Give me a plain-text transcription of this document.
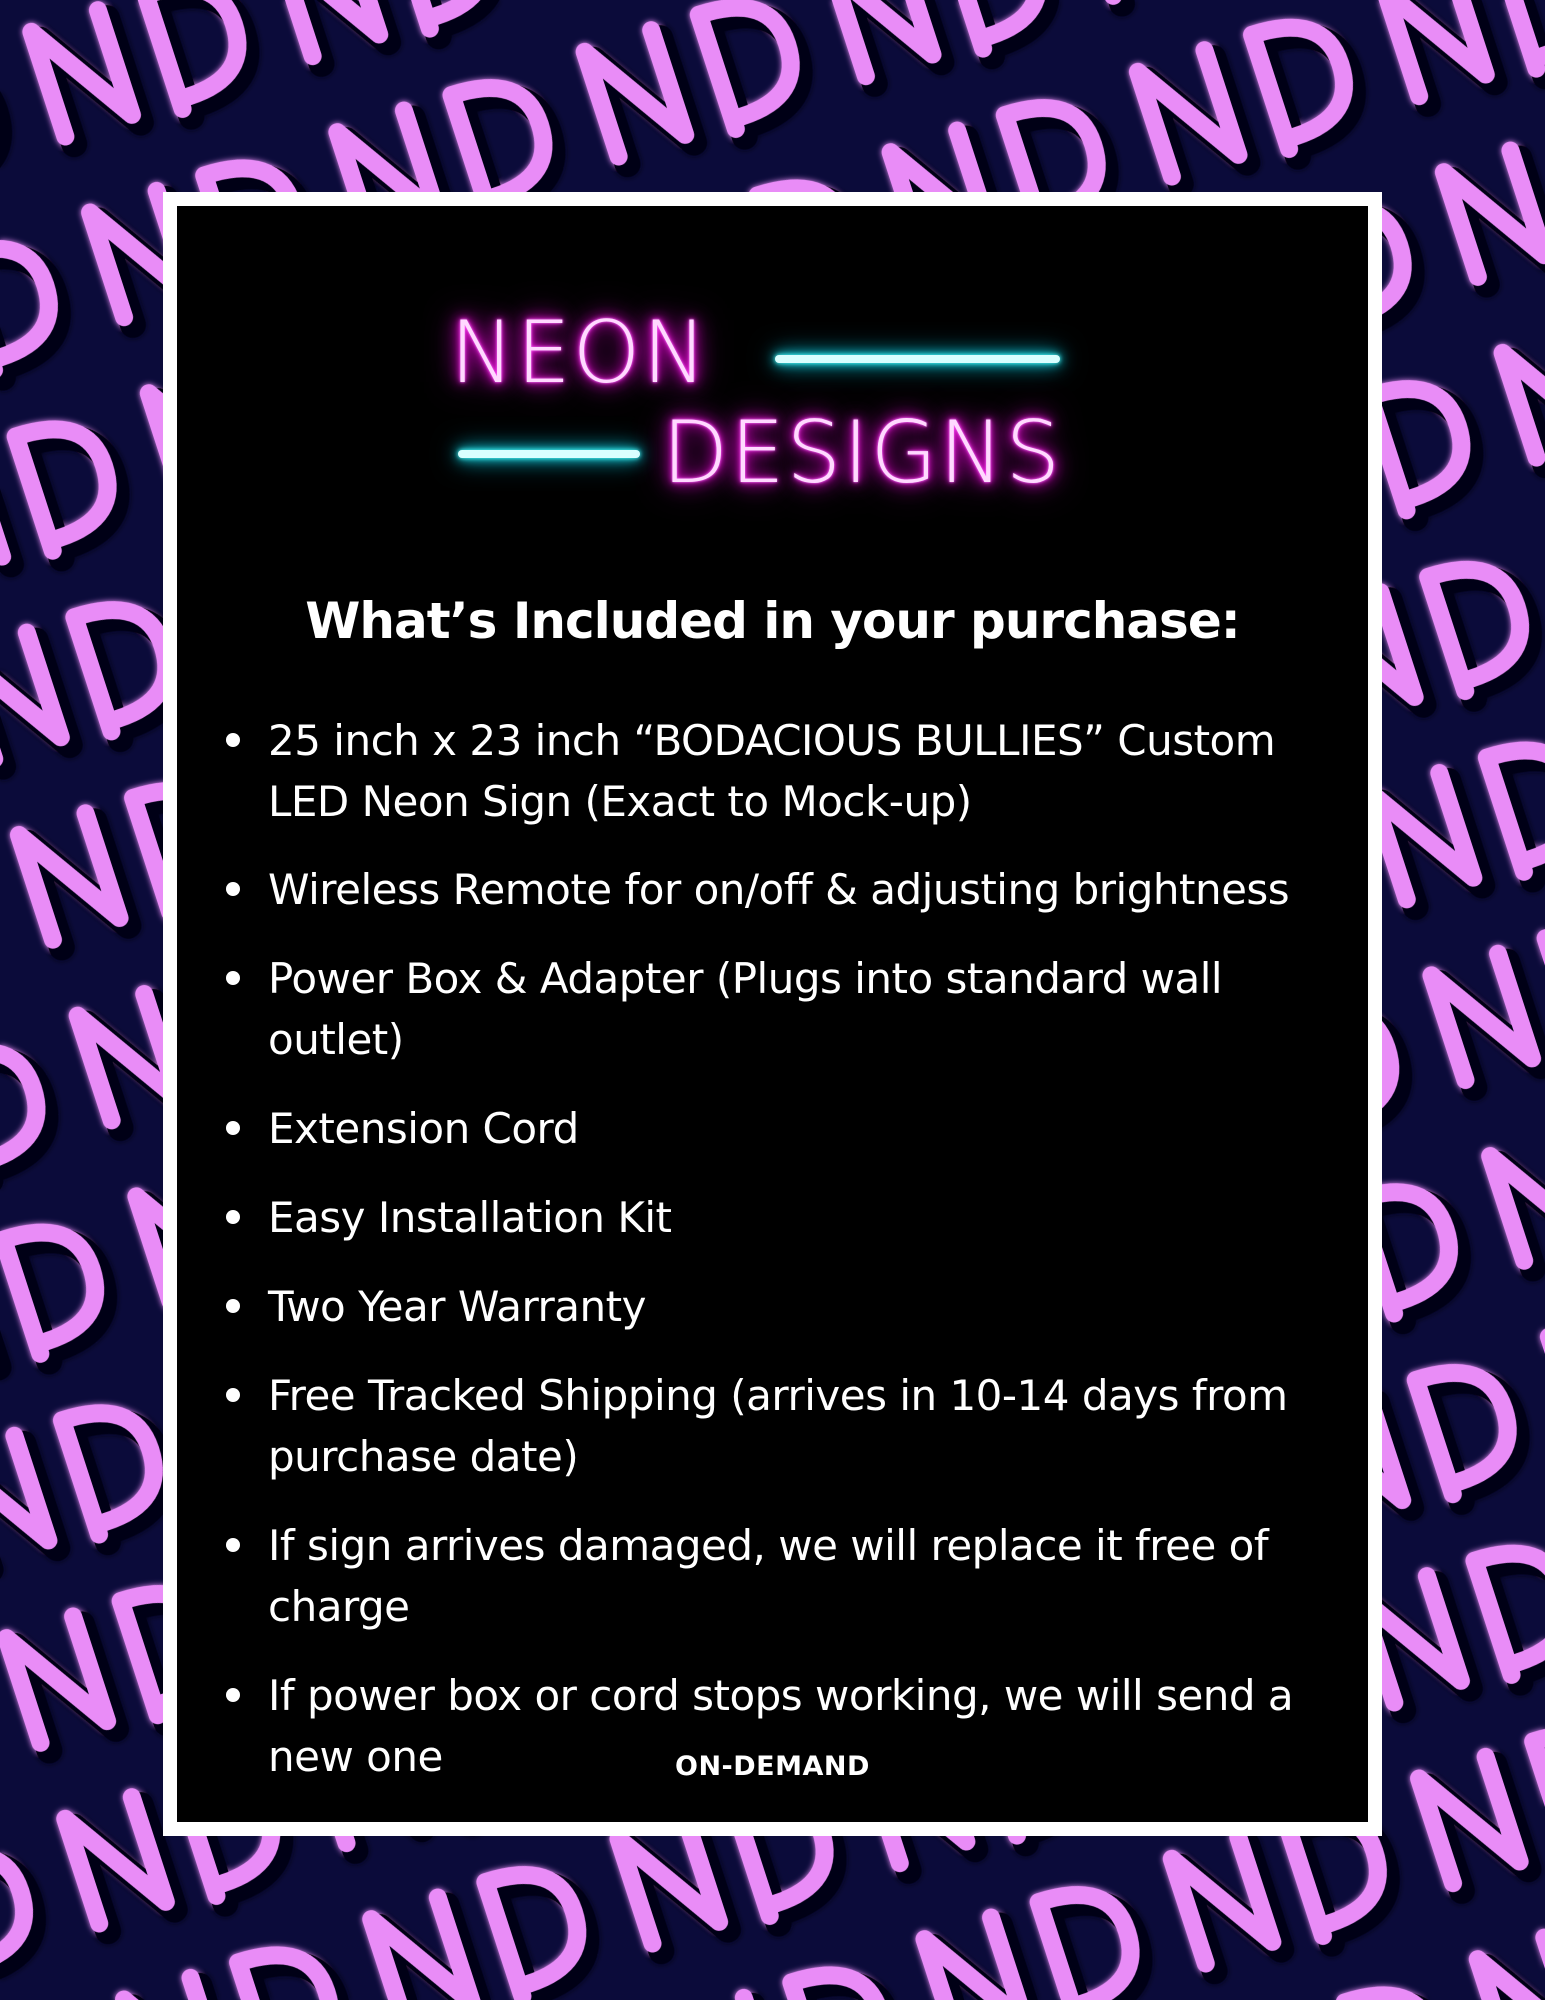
NEON
DESIGNS
What’s Included in your purchase:
25 inch x 23 inch “BODACIOUS BULLIES” Custom LED Neon Sign (Exact to Mock-up)
Wireless Remote for on/off & adjusting brightness
Power Box & Adapter (Plugs into standard wall outlet)
Extension Cord
Easy Installation Kit
Two Year Warranty
Free Tracked Shipping (arrives in 10-14 days from purchase date)
If sign arrives damaged, we will replace it free of charge
If power box or cord stops working, we will send a new one	ON-DEMAND
